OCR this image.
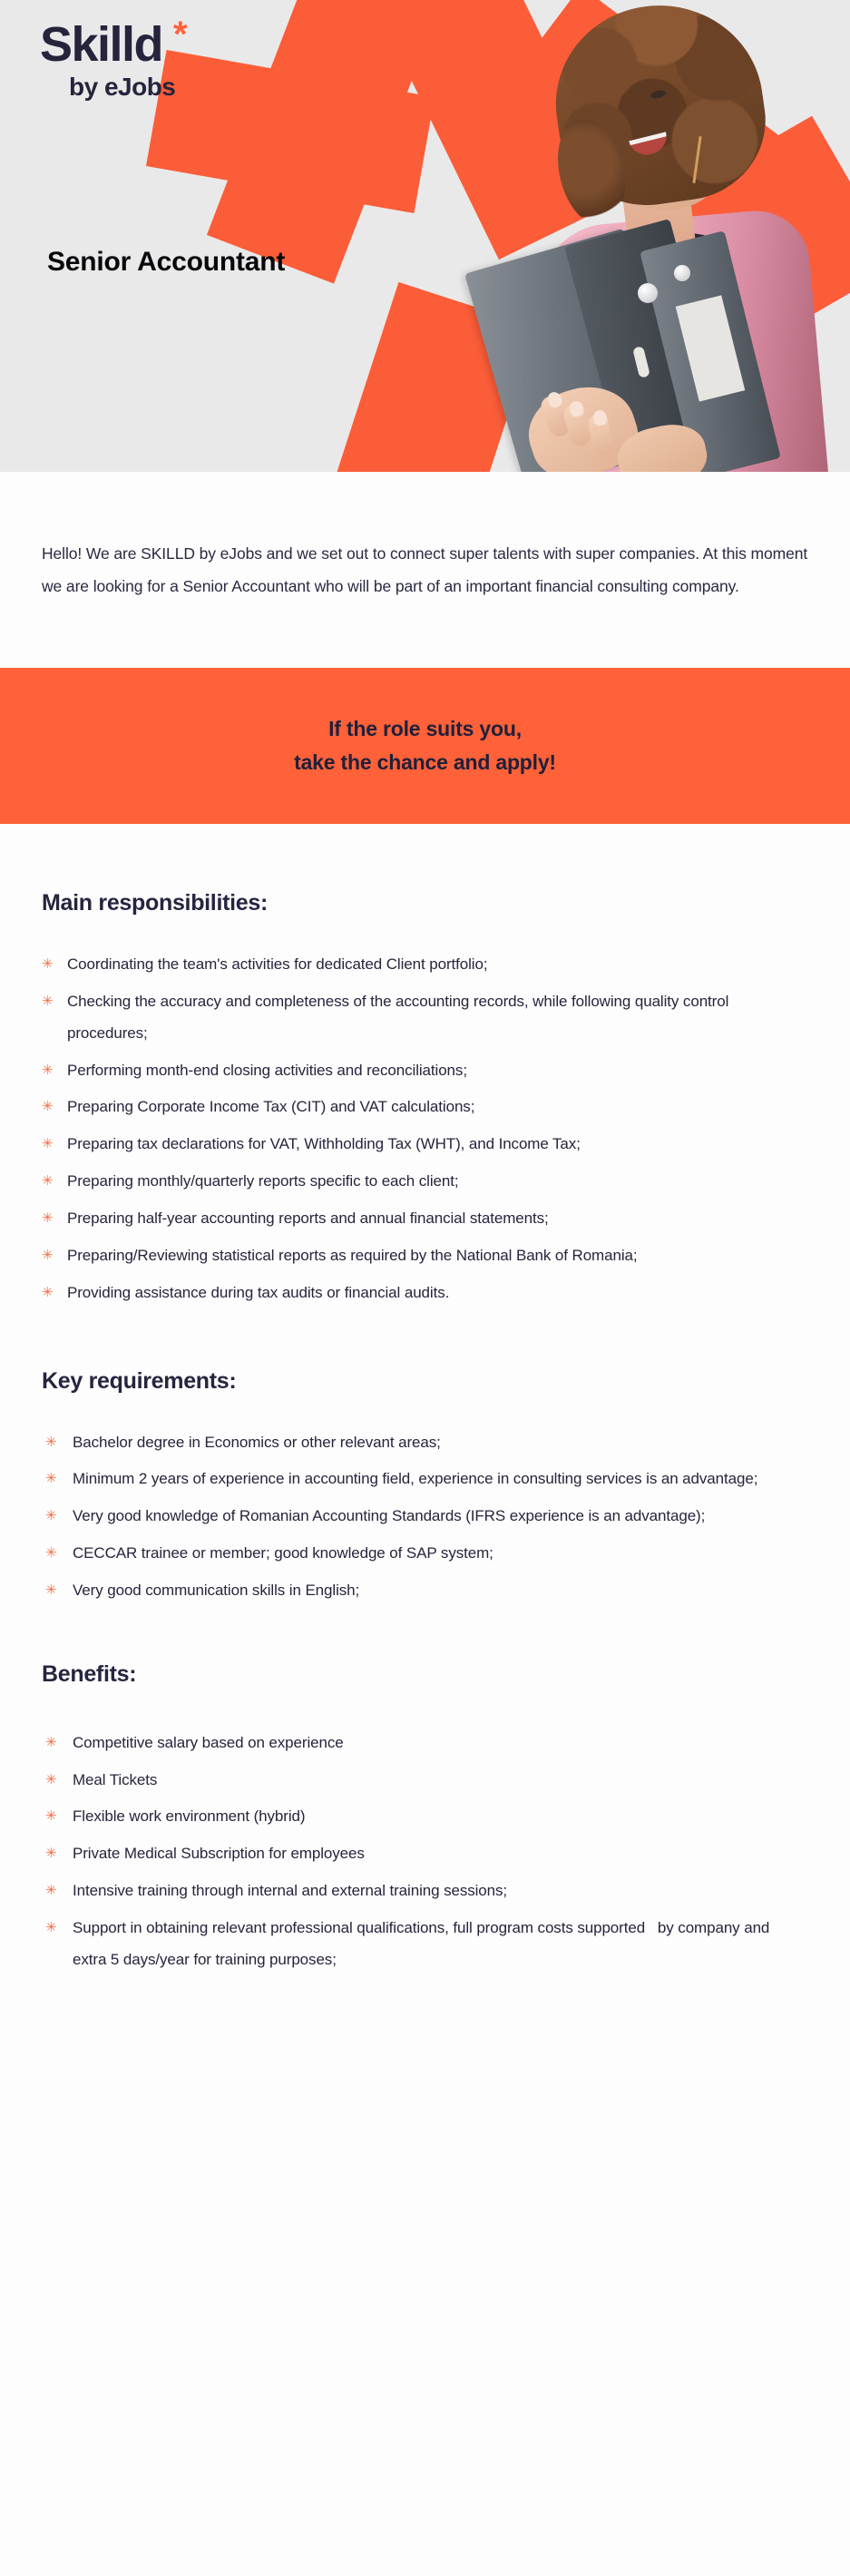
Skilld *
by eJobs
Senior Accountant

Hello! We are SKILLD by eJobs and we set out to connect super talents with super companies. At this moment we are looking for a Senior Accountant who will be part of an important financial consulting company.

If the role suits you,
take the chance and apply!
Main responsibilities:
✳ Coordinating the team's activities for dedicated Client portfolio;
✳ Checking the accuracy and completeness of the accounting records, while following quality control procedures;
✳ Performing month-end closing activities and reconciliations;
✳ Preparing Corporate Income Tax (CIT) and VAT calculations;
✳ Preparing tax declarations for VAT, Withholding Tax (WHT), and Income Tax;
✳ Preparing monthly/quarterly reports specific to each client;
✳ Preparing half-year accounting reports and annual financial statements;
✳ Preparing/Reviewing statistical reports as required by the National Bank of Romania;
✳ Providing assistance during tax audits or financial audits.
Key requirements:
✳ Bachelor degree in Economics or other relevant areas;
✳ Minimum 2 years of experience in accounting field, experience in consulting services is an advantage;
✳ Very good knowledge of Romanian Accounting Standards (IFRS experience is an advantage);
✳ CECCAR trainee or member; good knowledge of SAP system;
✳ Very good communication skills in English;
Benefits:
✳ Competitive salary based on experience
✳ Meal Tickets
✳ Flexible work environment (hybrid)
✳ Private Medical Subscription for employees
✳ Intensive training through internal and external training sessions;
✳ Support in obtaining relevant professional qualifications, full program costs supported   by company and extra 5 days/year for training purposes;
